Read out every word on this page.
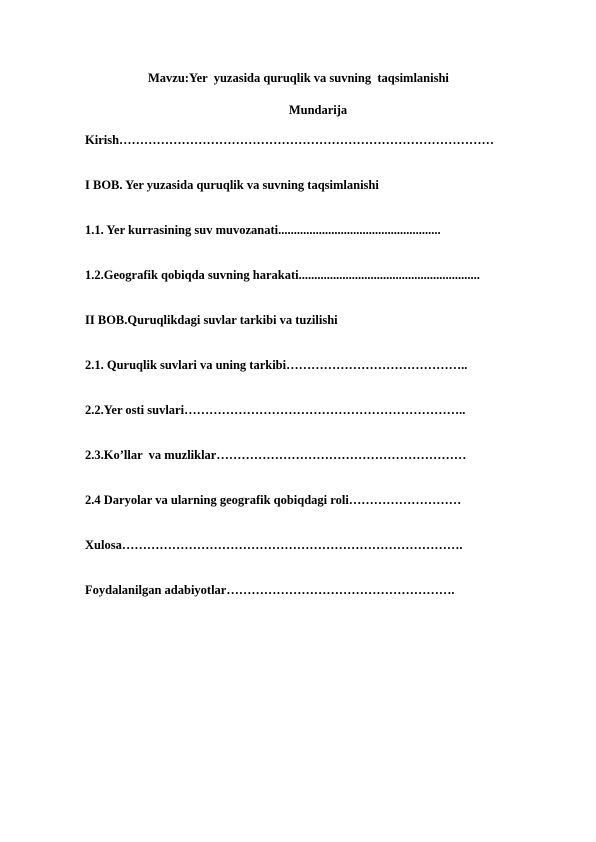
Mavzu:Yer  yuzasida quruqlik va suvning  taqsimlanishi

Mundarija
Kirish………………………………………………………………………………
I BOB. Yer yuzasida quruqlik va suvning taqsimlanishi
1.1. Yer kurrasining suv muvozanati....................................................
1.2.Geografik qobiqda suvning harakati..........................................................
II BOB.Quruqlikdagi suvlar tarkibi va tuzilishi
2.1. Quruqlik suvlari va uning tarkibi……………………………………..
2.2.Yer osti suvlari…………………………………………………………..
2.3.Ko’llar  va muzliklar……………………………………………………
2.4 Daryolar va ularning geografik qobiqdagi roli………………………
Xulosa……………………………………………………………………….
Foydalanilgan adabiyotlar……………………………………………….
